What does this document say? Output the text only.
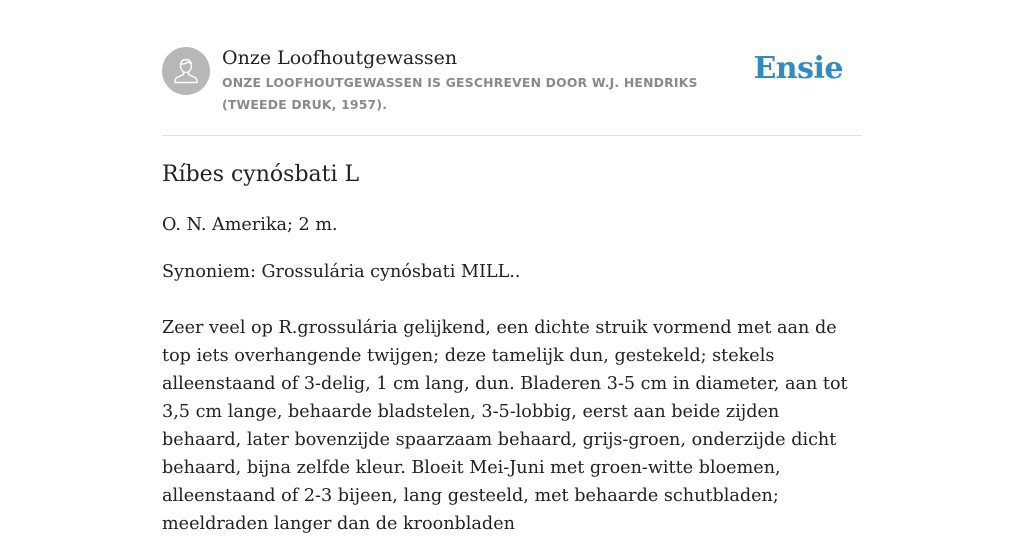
Onze Loofhoutgewassen
ONZE LOOFHOUTGEWASSEN IS GESCHREVEN DOOR W.J. HENDRIKS (TWEEDE DRUK, 1957).
Ensie
Ríbes cynósbati L

O. N. Amerika; 2 m.

Synoniem: Grossulária cynósbati MILL..

Zeer veel op R.grossulária gelijkend, een dichte struik vormend met aan de top iets overhangende twijgen; deze tamelijk dun, gestekeld; stekels alleenstaand of 3-delig, 1 cm lang, dun. Bladeren 3-5 cm in diameter, aan tot 3,5 cm lange, behaarde bladstelen, 3-5-lobbig, eerst aan beide zijden behaard, later bovenzijde spaarzaam behaard, grijs-groen, onderzijde dicht behaard, bijna zelfde kleur. Bloeit Mei-Juni met groen-witte bloemen, alleenstaand of 2-3 bijeen, lang gesteeld, met behaarde schutbladen; meeldraden langer dan de kroonbladen
